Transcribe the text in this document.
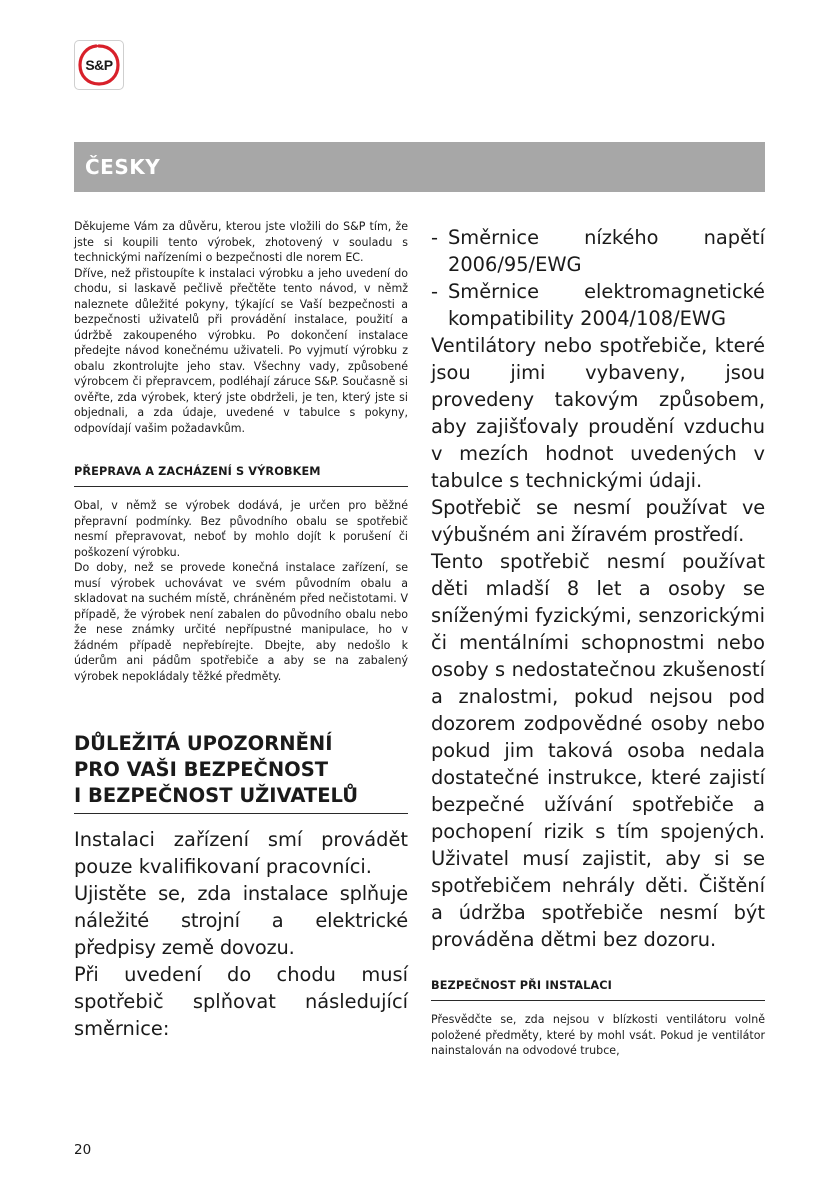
S&P
ČESKY

Děkujeme Vám za důvěru, kterou jste vložili do S&P tím, že jste si koupili tento výrobek, zhotovený v souladu s technickými nařízeními o bezpečnosti dle norem EC.

Dříve, než přistoupíte k instalaci výrobku a jeho uvedení do chodu, si laskavě pečlivě přečtěte tento návod, v němž naleznete důležité pokyny, týkající se Vaší bezpečnosti a bezpečnosti uživatelů při provádění instalace, použití a údržbě zakoupeného výrobku. Po dokončení instalace předejte návod konečnému uživateli. Po vyjmutí výrobku z obalu zkontrolujte jeho stav. Všechny vady, způsobené výrobcem či přepravcem, podléhají záruce S&P. Současně si ověřte, zda výrobek, který jste obdrželi, je ten, který jste si objednali, a zda údaje, uvedené v tabulce s pokyny, odpovídají vašim požadavkům.

PŘEPRAVA A ZACHÁZENÍ S VÝROBKEM

Obal, v němž se výrobek dodává, je určen pro běžné přepravní podmínky. Bez původního obalu se spotřebič nesmí přepravovat, neboť by mohlo dojít k porušení či poškození výrobku.

Do doby, než se provede konečná instalace zařízení, se musí výrobek uchovávat ve svém původním obalu a skladovat na suchém místě, chráněném před nečistotami. V případě, že výrobek není zabalen do původního obalu nebo že nese známky určité nepřípustné manipulace, ho v žádném případě nepřebírejte. Dbejte, aby nedošlo k úderům ani pádům spotřebiče a aby se na zabalený výrobek nepokládaly těžké předměty.

DŮLEŽITÁ UPOZORNĚNÍ
PRO VAŠI BEZPEČNOST
I BEZPEČNOST UŽIVATELŮ

Instalaci zařízení smí provádět pouze kvalifikovaní pracovníci.

Ujistěte se, zda instalace splňuje náležité strojní a elektrické předpisy země dovozu.

Při uvedení do chodu musí spotřebič splňovat následující směrnice:

- Směrnice nízkého napětí 2006/95/EWG
- Směrnice elektromagnetické kompatibility 2004/108/EWG

Ventilátory nebo spotřebiče, které jsou jimi vybaveny, jsou provedeny takovým způsobem, aby zajišťovaly proudění vzduchu v mezích hodnot uvedených v tabulce s technickými údaji.

Spotřebič se nesmí používat ve výbušném ani žíravém prostředí.

Tento spotřebič nesmí používat děti mladší 8 let a osoby se sníženými fyzickými, senzorickými či mentálními schopnostmi nebo osoby s nedostatečnou zkušeností a znalostmi, pokud nejsou pod dozorem zodpovědné osoby nebo pokud jim taková osoba nedala dostatečné instrukce, které zajistí bezpečné užívání spotřebiče a pochopení rizik s tím spojených. Uživatel musí zajistit, aby si se spotřebičem nehrály děti. Čištění a údržba spotřebiče nesmí být prováděna dětmi bez dozoru.

BEZPEČNOST PŘI INSTALACI

Přesvědčte se, zda nejsou v blízkosti ventilátoru volně položené předměty, které by mohl vsát. Pokud je ventilátor nainstalován na odvodové trubce,

20
